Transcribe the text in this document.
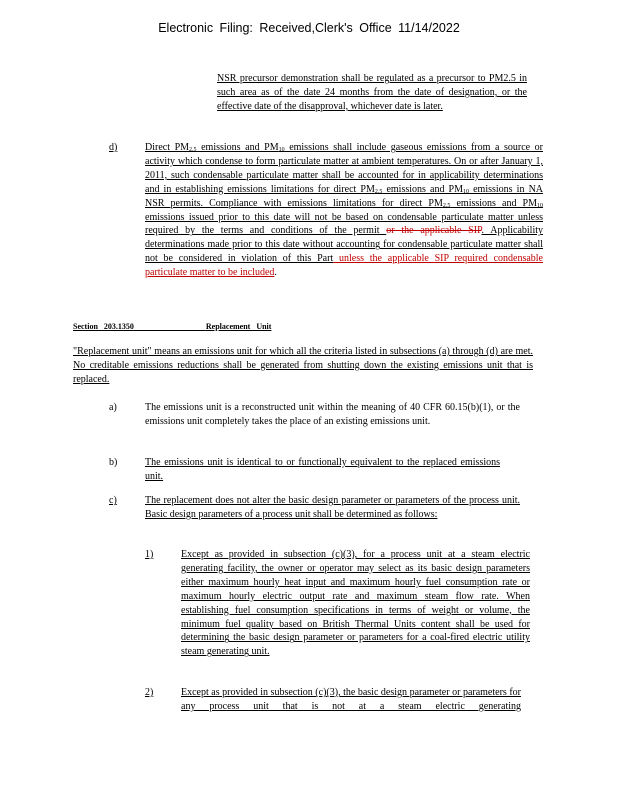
Electronic Filing: Received,Clerk's Office 11/14/2022
NSR precursor demonstration shall be regulated as a precursor to PM2.5 in such area as of the date 24 months from the date of designation, or the effective date of the disapproval, whichever date is later.
d)	Direct $PM_{2.5}$ emissions and $PM_{10}$ emissions shall include gaseous emissions from a source or activity which condense to form particulate matter at ambient temperatures. On or after January 1, 2011, such condensable particulate matter shall be accounted for in applicability determinations and in establishing emissions limitations for direct $PM_{2.5}$ emissions and $PM_{10}$ emissions in NA NSR permits. Compliance with emissions limitations for direct $PM_{2.5}$ emissions and $PM_{10}$ emissions issued prior to this date will not be based on condensable particulate matter unless required by the terms and conditions of the permit or the applicable SIP. Applicability determinations made prior to this date without accounting for condensable particulate matter shall not be considered in violation of this Part unless the applicable SIP required condensable particulate matter to be included.
Section 203.1350	Replacement Unit
"Replacement unit" means an emissions unit for which all the criteria listed in subsections (a) through (d) are met. No creditable emissions reductions shall be generated from shutting down the existing emissions unit that is replaced.
a)	The emissions unit is a reconstructed unit within the meaning of 40 CFR 60.15(b)(1), or the emissions unit completely takes the place of an existing emissions unit.
b)	The emissions unit is identical to or functionally equivalent to the replaced emissions unit.
c)	The replacement does not alter the basic design parameter or parameters of the process unit. Basic design parameters of a process unit shall be determined as follows:
1)	Except as provided in subsection (c)(3), for a process unit at a steam electric generating facility, the owner or operator may select as its basic design parameters either maximum hourly heat input and maximum hourly fuel consumption rate or maximum hourly electric output rate and maximum steam flow rate. When establishing fuel consumption specifications in terms of weight or volume, the minimum fuel quality based on British Thermal Units content shall be used for determining the basic design parameter or parameters for a coal-fired electric utility steam generating unit.
2)	Except as provided in subsection (c)(3), the basic design parameter or parameters for any process unit that is not at a steam electric generating
